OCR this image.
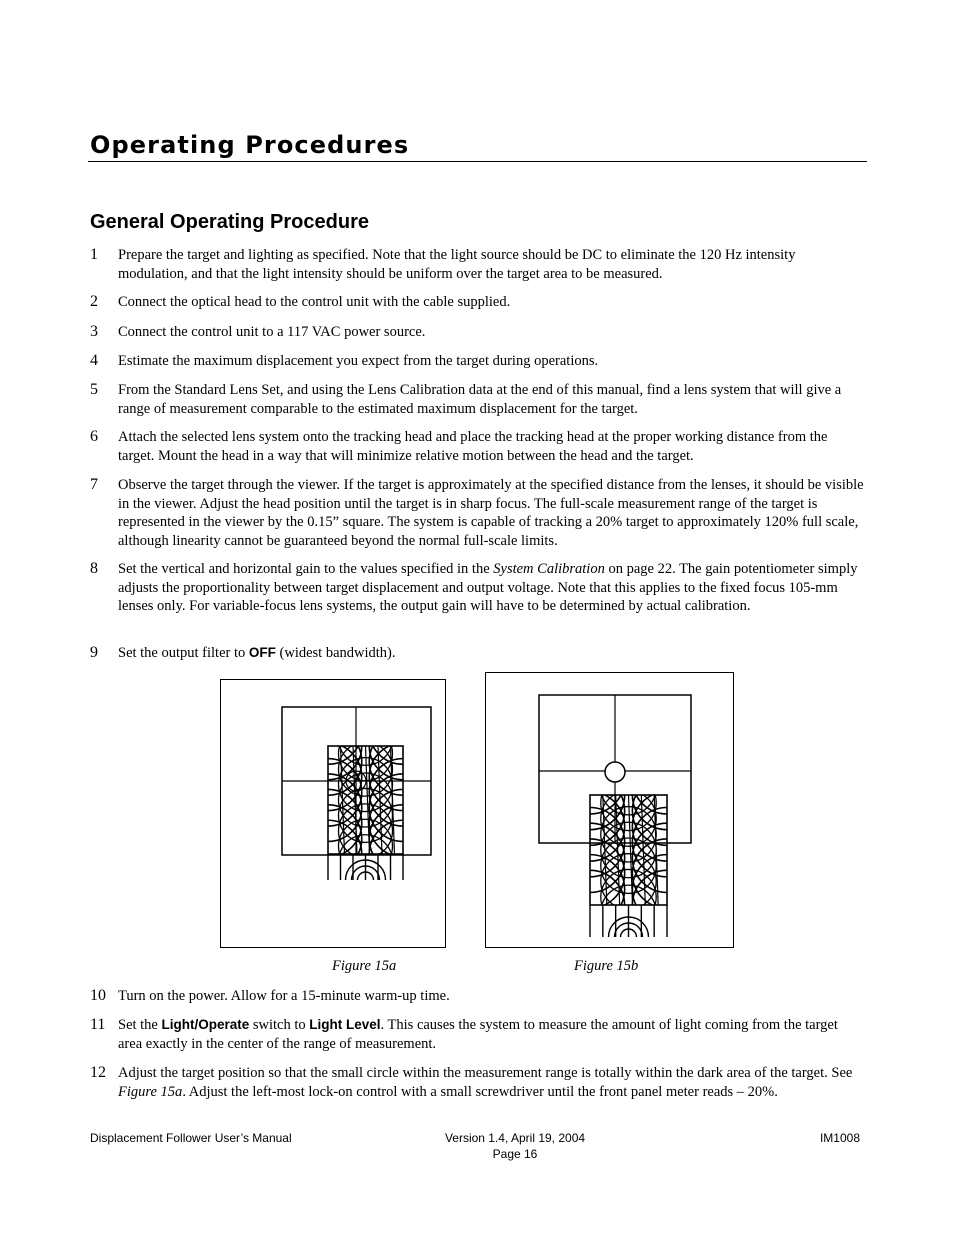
Operating Procedures
General Operating Procedure
1 Prepare the target and lighting as specified. Note that the light source should be DC to eliminate the 120 Hz intensity modulation, and that the light intensity should be uniform over the target area to be measured.
2 Connect the optical head to the control unit with the cable supplied.
3 Connect the control unit to a 117 VAC power source.
4 Estimate the maximum displacement you expect from the target during operations.
5 From the Standard Lens Set, and using the Lens Calibration data at the end of this manual, find a lens system that will give a range of measurement comparable to the estimated maximum displacement for the target.
6 Attach the selected lens system onto the tracking head and place the tracking head at the proper working distance from the target. Mount the head in a way that will minimize relative motion between the head and the target.
7 Observe the target through the viewer. If the target is approximately at the specified distance from the lenses, it should be visible in the viewer. Adjust the head position until the target is in sharp focus. The full-scale measurement range of the target is represented in the viewer by the 0.15” square. The system is capable of tracking a 20% target to approximately 120% full scale, although linearity cannot be guaranteed beyond the normal full-scale limits.
8 Set the vertical and horizontal gain to the values specified in the System Calibration on page 22. The gain potentiometer simply adjusts the proportionality between target displacement and output voltage. Note that this applies to the fixed focus 105-mm lenses only. For variable-focus lens systems, the output gain will have to be determined by actual calibration.
9 Set the output filter to OFF (widest bandwidth).
10 Turn on the power. Allow for a 15-minute warm-up time.
11 Set the Light/Operate switch to Light Level. This causes the system to measure the amount of light coming from the target area exactly in the center of the range of measurement.
12 Adjust the target position so that the small circle within the measurement range is totally within the dark area of the target. See Figure 15a. Adjust the left-most lock-on control with a small screwdriver until the front panel meter reads – 20%.
Figure 15a	Figure 15b
Displacement Follower User’s Manual	Version 1.4, April 19, 2004
Page 16
IM1008
